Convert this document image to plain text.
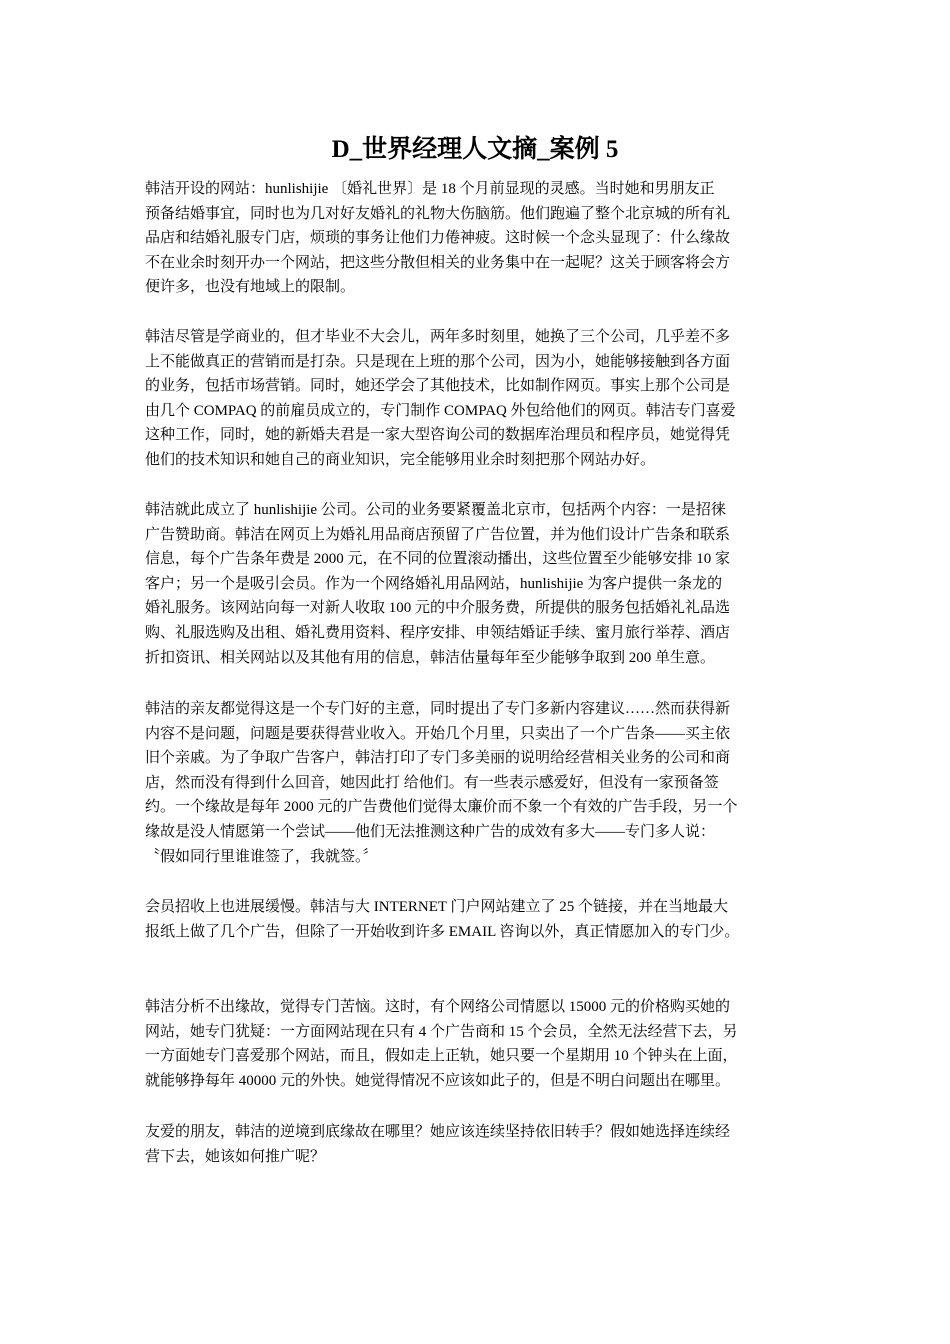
D_世界经理人文摘_案例 5

韩洁开设的网站：hunlishijie 〔婚礼世界〕是 18 个月前显现的灵感。当时她和男朋友正
预备结婚事宜，同时也为几对好友婚礼的礼物大伤脑筋。他们跑遍了整个北京城的所有礼
品店和结婚礼服专门店，烦琐的事务让他们力倦神疲。这时候一个念头显现了：什么缘故
不在业余时刻开办一个网站，把这些分散但相关的业务集中在一起呢？这关于顾客将会方
便许多，也没有地域上的限制。

韩洁尽管是学商业的，但才毕业不大会儿，两年多时刻里，她换了三个公司，几乎差不多
上不能做真正的营销而是打杂。只是现在上班的那个公司，因为小，她能够接触到各方面
的业务，包括市场营销。同时，她还学会了其他技术，比如制作网页。事实上那个公司是
由几个 COMPAQ 的前雇员成立的，专门制作 COMPAQ 外包给他们的网页。韩洁专门喜爱
这种工作，同时，她的新婚夫君是一家大型咨询公司的数据库治理员和程序员，她觉得凭
他们的技术知识和她自己的商业知识，完全能够用业余时刻把那个网站办好。

韩洁就此成立了 hunlishijie 公司。公司的业务要紧覆盖北京市，包括两个内容：一是招徕
广告赞助商。韩洁在网页上为婚礼用品商店预留了广告位置，并为他们设计广告条和联系
信息，每个广告条年费是 2000 元，在不同的位置滚动播出，这些位置至少能够安排 10 家
客户；另一个是吸引会员。作为一个网络婚礼用品网站，hunlishijie 为客户提供一条龙的
婚礼服务。该网站向每一对新人收取 100 元的中介服务费，所提供的服务包括婚礼礼品选
购、礼服选购及出租、婚礼费用资料、程序安排、申领结婚证手续、蜜月旅行举荐、酒店
折扣资讯、相关网站以及其他有用的信息，韩洁估量每年至少能够争取到 200 单生意。

韩洁的亲友都觉得这是一个专门好的主意，同时提出了专门多新内容建议……然而获得新
内容不是问题，问题是要获得营业收入。开始几个月里，只卖出了一个广告条——买主依
旧个亲戚。为了争取广告客户，韩洁打印了专门多美丽的说明给经营相关业务的公司和商
店，然而没有得到什么回音，她因此打 给他们。有一些表示感爱好，但没有一家预备签
约。一个缘故是每年 2000 元的广告费他们觉得太廉价而不象一个有效的广告手段，另一个
缘故是没人情愿第一个尝试——他们无法推测这种广告的成效有多大——专门多人说：
〝假如同行里谁谁签了，我就签。〞

会员招收上也进展缓慢。韩洁与大 INTERNET 门户网站建立了 25 个链接，并在当地最大
报纸上做了几个广告，但除了一开始收到许多 EMAIL 咨询以外，真正情愿加入的专门少。

韩洁分析不出缘故，觉得专门苦恼。这时，有个网络公司情愿以 15000 元的价格购买她的
网站，她专门犹疑：一方面网站现在只有 4 个广告商和 15 个会员，全然无法经营下去，另
一方面她专门喜爱那个网站，而且，假如走上正轨，她只要一个星期用 10 个钟头在上面，
就能够挣每年 40000 元的外快。她觉得情况不应该如此子的，但是不明白问题出在哪里。

友爱的朋友，韩洁的逆境到底缘故在哪里？她应该连续坚持依旧转手？假如她选择连续经
营下去，她该如何推广呢？
